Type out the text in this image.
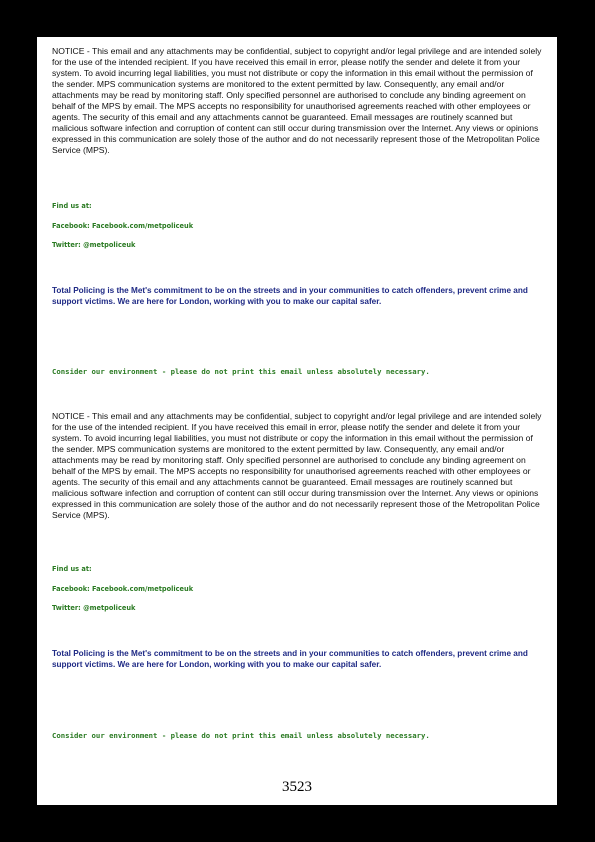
NOTICE - This email and any attachments may be confidential, subject to copyright and/or legal privilege and are intended solely for the use of the intended recipient. If you have received this email in error, please notify the sender and delete it from your system. To avoid incurring legal liabilities, you must not distribute or copy the information in this email without the permission of the sender. MPS communication systems are monitored to the extent permitted by law. Consequently, any email and/or attachments may be read by monitoring staff. Only specified personnel are authorised to conclude any binding agreement on behalf of the MPS by email. The MPS accepts no responsibility for unauthorised agreements reached with other employees or agents. The security of this email and any attachments cannot be guaranteed. Email messages are routinely scanned but malicious software infection and corruption of content can still occur during transmission over the Internet. Any views or opinions expressed in this communication are solely those of the author and do not necessarily represent those of the Metropolitan Police Service (MPS).

Find us at:
Facebook: Facebook.com/metpoliceuk
Twitter: @metpoliceuk
Total Policing is the Met's commitment to be on the streets and in your communities to catch offenders, prevent crime and support victims. We are here for London, working with you to make our capital safer.
Consider our environment - please do not print this email unless absolutely necessary.

NOTICE - This email and any attachments may be confidential, subject to copyright and/or legal privilege and are intended solely for the use of the intended recipient. If you have received this email in error, please notify the sender and delete it from your system. To avoid incurring legal liabilities, you must not distribute or copy the information in this email without the permission of the sender. MPS communication systems are monitored to the extent permitted by law. Consequently, any email and/or attachments may be read by monitoring staff. Only specified personnel are authorised to conclude any binding agreement on behalf of the MPS by email. The MPS accepts no responsibility for unauthorised agreements reached with other employees or agents. The security of this email and any attachments cannot be guaranteed. Email messages are routinely scanned but malicious software infection and corruption of content can still occur during transmission over the Internet. Any views or opinions expressed in this communication are solely those of the author and do not necessarily represent those of the Metropolitan Police Service (MPS).

Find us at:
Facebook: Facebook.com/metpoliceuk
Twitter: @metpoliceuk
Total Policing is the Met's commitment to be on the streets and in your communities to catch offenders, prevent crime and support victims. We are here for London, working with you to make our capital safer.
Consider our environment - please do not print this email unless absolutely necessary.
3523
